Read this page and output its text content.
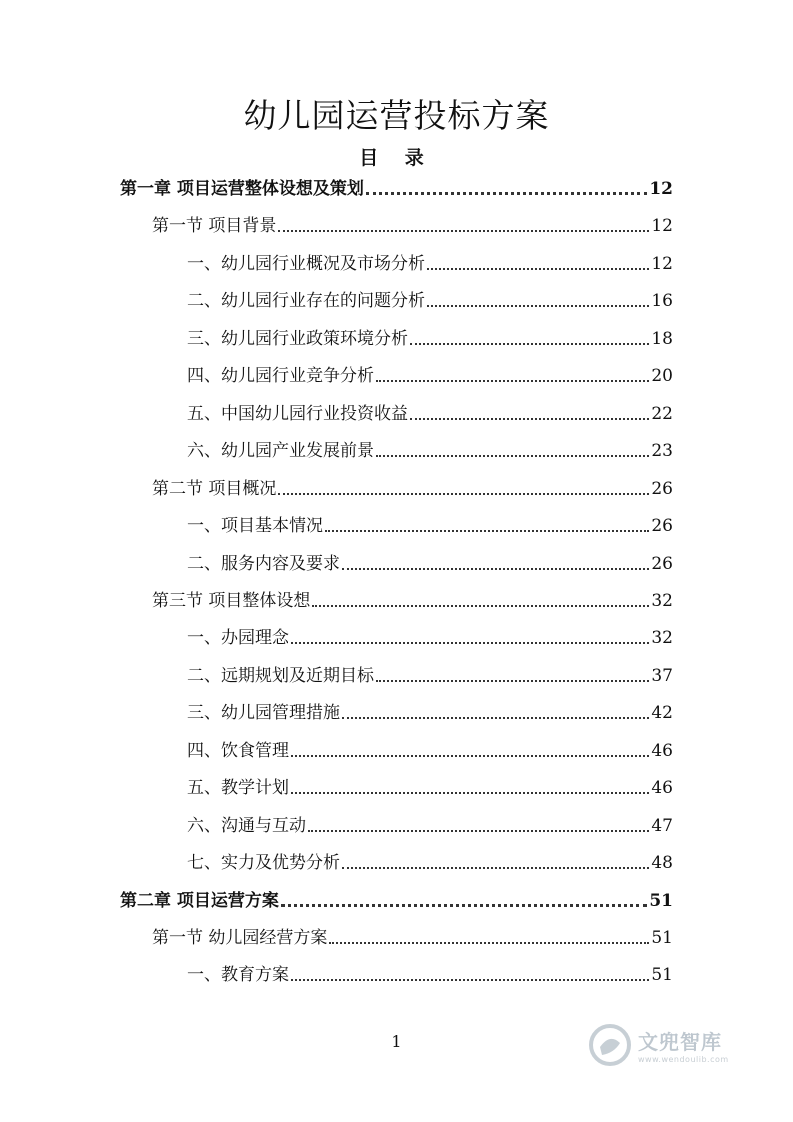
幼儿园运营投标方案
目 录
第一章 项目运营整体设想及策划	12
第一节 项目背景	12
一、幼儿园行业概况及市场分析	12
二、幼儿园行业存在的问题分析	16
三、幼儿园行业政策环境分析	18
四、幼儿园行业竞争分析	20
五、中国幼儿园行业投资收益	22
六、幼儿园产业发展前景	23
第二节 项目概况	26
一、项目基本情况	26
二、服务内容及要求	26
第三节 项目整体设想	32
一、办园理念	32
二、远期规划及近期目标	37
三、幼儿园管理措施	42
四、饮食管理	46
五、教学计划	46
六、沟通与互动	47
七、实力及优势分析	48
第二章 项目运营方案	51
第一节 幼儿园经营方案	51
一、教育方案	51
1	文兜智库
www.wendoulib.com
